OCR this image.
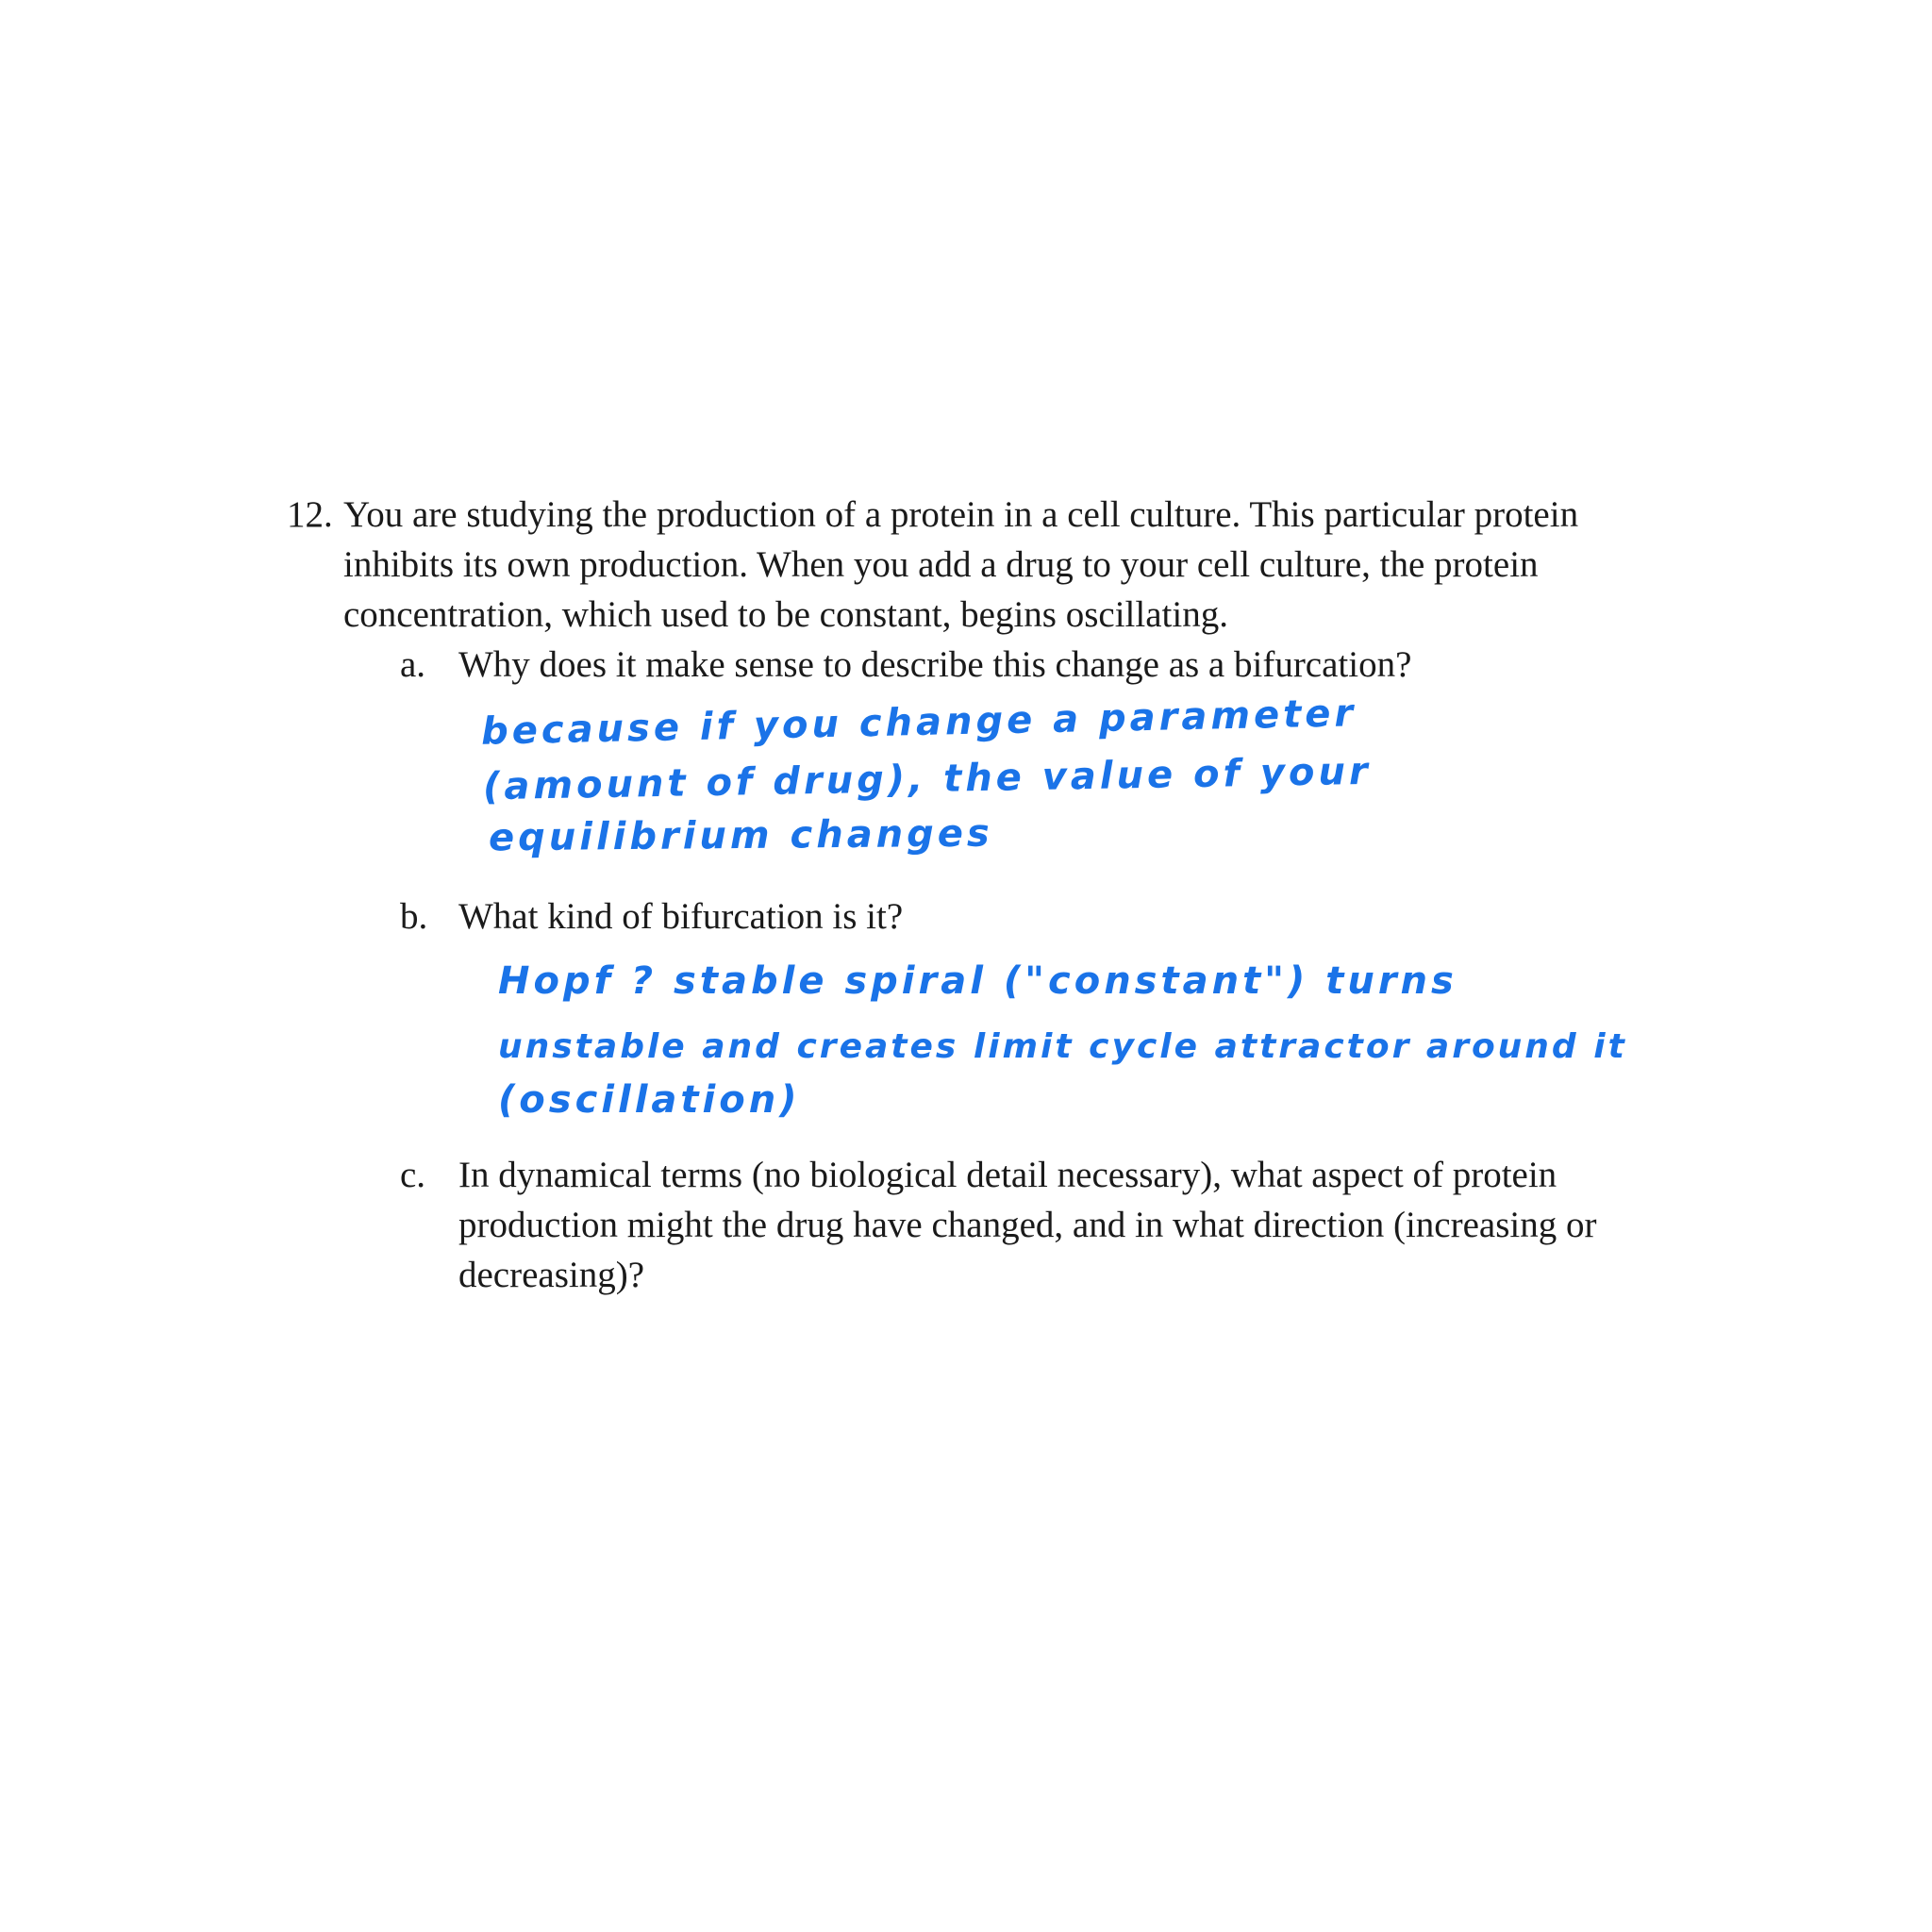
12. You are studying the production of a protein in a cell culture. This particular protein
inhibits its own production. When you add a drug to your cell culture, the protein
concentration, which used to be constant, begins oscillating.
a. Why does it make sense to describe this change as a bifurcation?
because if you change a parameter
(amount of drug), the value of your
equilibrium changes
b. What kind of bifurcation is it?
Hopf ? stable spiral ("constant") turns
unstable and creates limit cycle attractor around it
(oscillation)
c. In dynamical terms (no biological detail necessary), what aspect of protein
production might the drug have changed, and in what direction (increasing or
decreasing)?
